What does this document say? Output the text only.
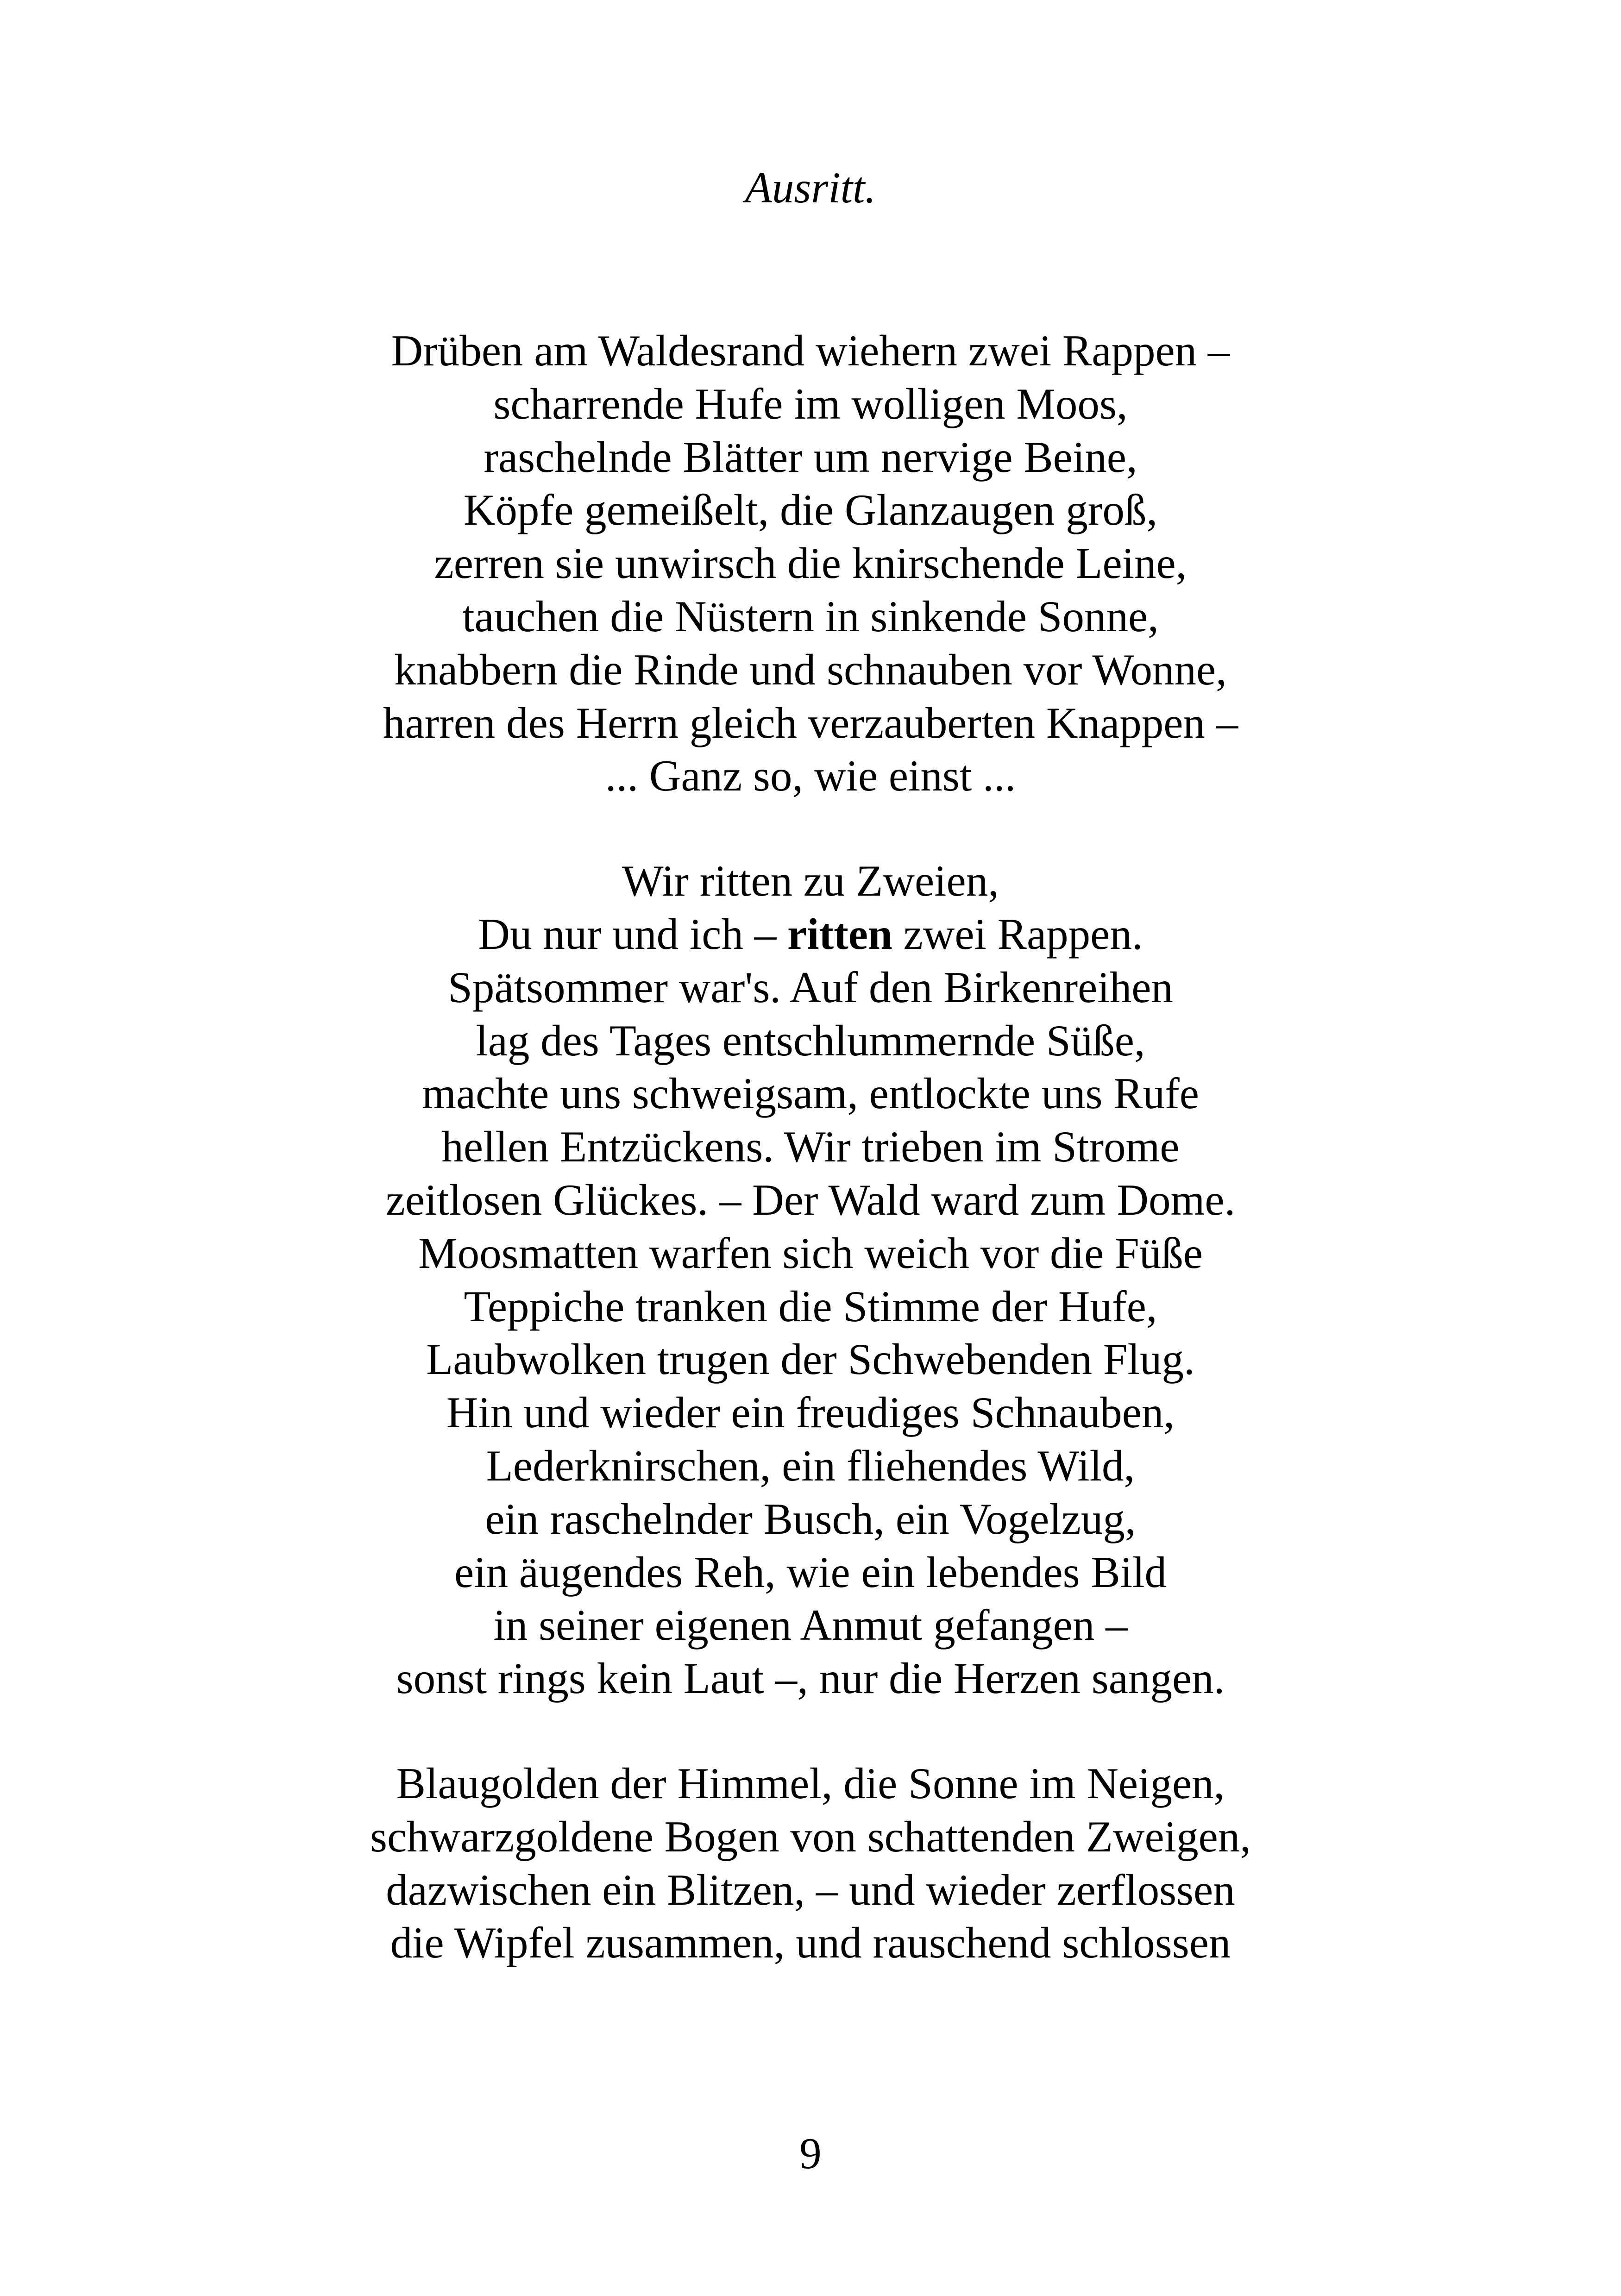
Ausritt.
Drüben am Waldesrand wiehern zwei Rappen –
scharrende Hufe im wolligen Moos,
raschelnde Blätter um nervige Beine,
Köpfe gemeißelt, die Glanzaugen groß,
zerren sie unwirsch die knirschende Leine,
tauchen die Nüstern in sinkende Sonne,
knabbern die Rinde und schnauben vor Wonne,
harren des Herrn gleich verzauberten Knappen –
... Ganz so, wie einst ...
Wir ritten zu Zweien,
Du nur und ich – ritten zwei Rappen.
Spätsommer war's. Auf den Birkenreihen
lag des Tages entschlummernde Süße,
machte uns schweigsam, entlockte uns Rufe
hellen Entzückens. Wir trieben im Strome
zeitlosen Glückes. – Der Wald ward zum Dome.
Moosmatten warfen sich weich vor die Füße
Teppiche tranken die Stimme der Hufe,
Laubwolken trugen der Schwebenden Flug.
Hin und wieder ein freudiges Schnauben,
Lederknirschen, ein fliehendes Wild,
ein raschelnder Busch, ein Vogelzug,
ein äugendes Reh, wie ein lebendes Bild
in seiner eigenen Anmut gefangen –
sonst rings kein Laut –, nur die Herzen sangen.
Blaugolden der Himmel, die Sonne im Neigen,
schwarzgoldene Bogen von schattenden Zweigen,
dazwischen ein Blitzen, – und wieder zerflossen
die Wipfel zusammen, und rauschend schlossen
9
